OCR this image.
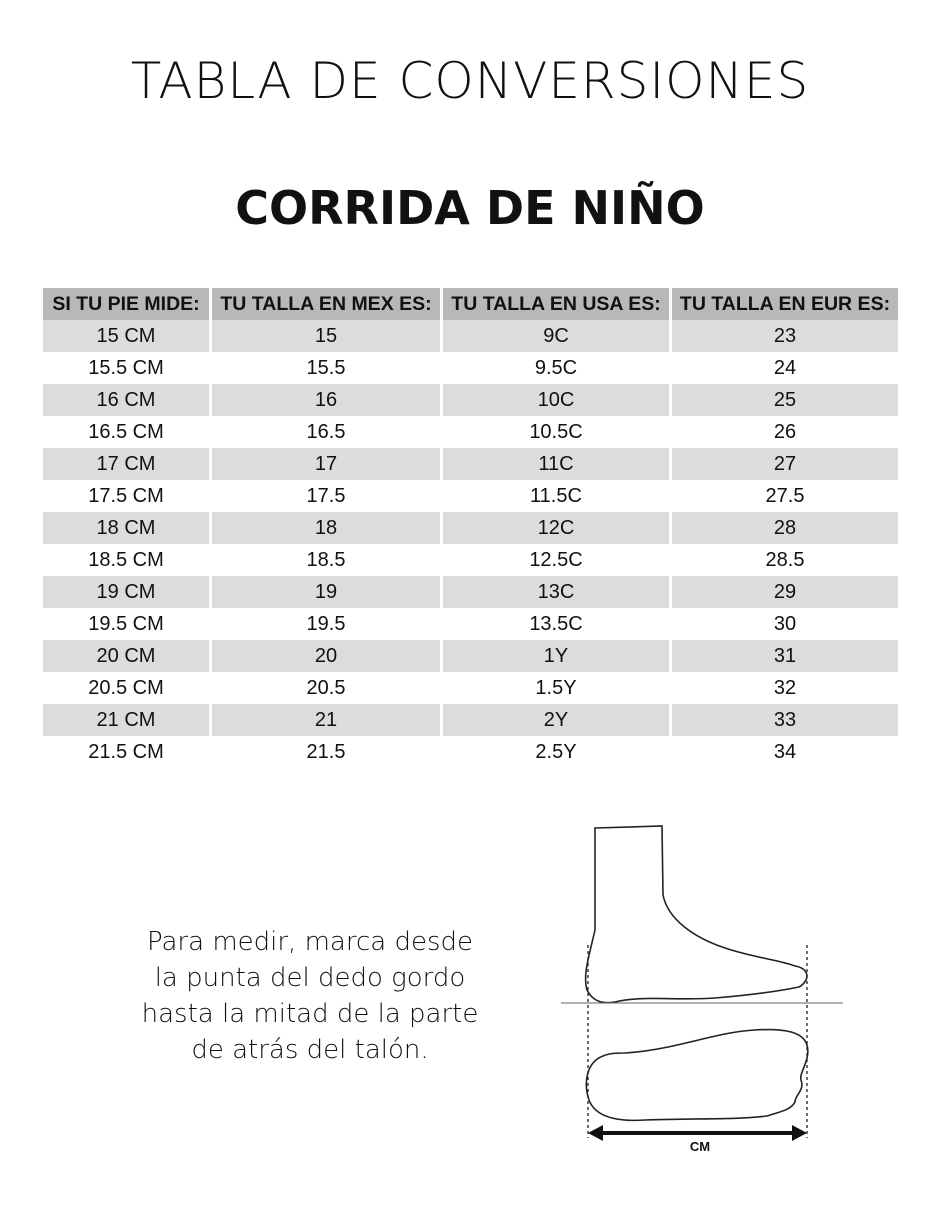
TABLA DE CONVERSIONES
CORRIDA DE NIÑO
SI TU PIE MIDE:	TU TALLA EN MEX ES:	TU TALLA EN USA ES:	TU TALLA EN EUR ES:
15 CM	15	9C	23
15.5 CM	15.5	9.5C	24
16 CM	16	10C	25
16.5 CM	16.5	10.5C	26
17 CM	17	11C	27
17.5 CM	17.5	11.5C	27.5
18 CM	18	12C	28
18.5 CM	18.5	12.5C	28.5
19 CM	19	13C	29
19.5 CM	19.5	13.5C	30
20 CM	20	1Y	31
20.5 CM	20.5	1.5Y	32
21 CM	21	2Y	33
21.5 CM	21.5	2.5Y	34
Para medir, marca desde
la punta del dedo gordo
hasta la mitad de la parte
de atrás del talón.
CM
